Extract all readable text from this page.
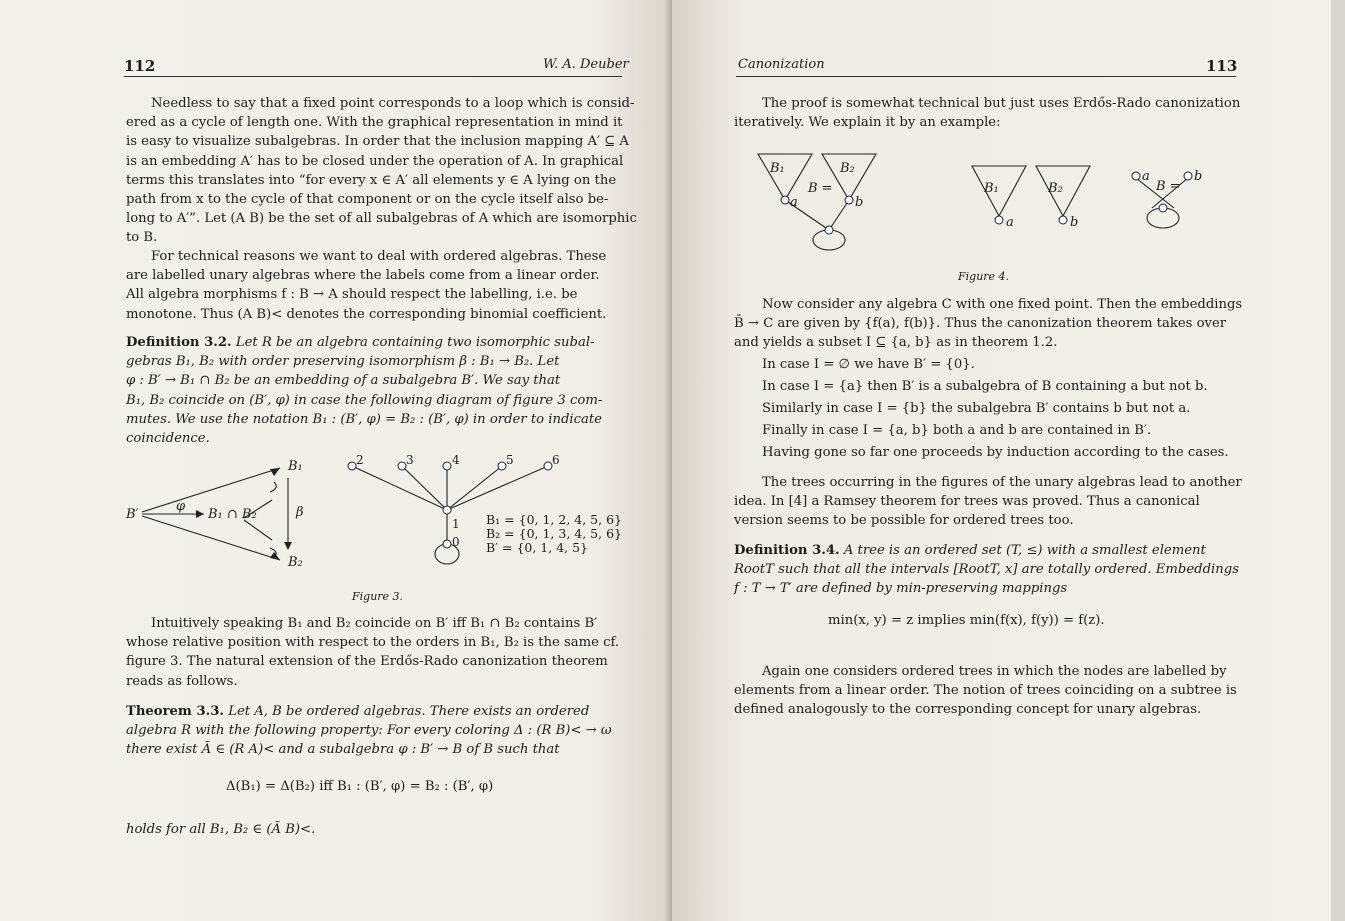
112	W. A. Deuber
Needless to say that a fixed point corresponds to a loop which is consid-
ered as a cycle of length one. With the graphical representation in mind it
is easy to visualize subalgebras. In order that the inclusion mapping A′ ⊆ A
is an embedding A′ has to be closed under the operation of A. In graphical
terms this translates into “for every x ∈ A′ all elements y ∈ A lying on the
path from x to the cycle of that component or on the cycle itself also be-
long to A′”. Let (A B) be the set of all subalgebras of A which are isomorphic
to B.
For technical reasons we want to deal with ordered algebras. These
are labelled unary algebras where the labels come from a linear order.
All algebra morphisms f : B → A should respect the labelling, i.e. be
monotone. Thus (A B)< denotes the corresponding binomial coefficient.
Definition 3.2. Let R be an algebra containing two isomorphic subal-
gebras B₁, B₂ with order preserving isomorphism β : B₁ → B₂. Let
φ : B′ → B₁ ∩ B₂ be an embedding of a subalgebra B′. We say that
B₁, B₂ coincide on (B′, φ) in case the following diagram of figure 3 com-
mutes. We use the notation B₁ : (B′, φ) = B₂ : (B′, φ) in order to indicate
coincidence.
B₁
B′
φ
B₁ ∩ B₂	β
B₂
2	3	4	5	6
1
0
B₁ = {0, 1, 2, 4, 5, 6}
B₂ = {0, 1, 3, 4, 5, 6}
B′ = {0, 1, 4, 5}
Figure 3.
Intuitively speaking B₁ and B₂ coincide on B′ iff B₁ ∩ B₂ contains B′
whose relative position with respect to the orders in B₁, B₂ is the same cf.
figure 3. The natural extension of the Erdős-Rado canonization theorem
reads as follows.
Theorem 3.3. Let A, B be ordered algebras. There exists an ordered
algebra R with the following property: For every coloring Δ : (R B)< → ω
there exist Ã ∈ (R A)< and a subalgebra φ : B′ → B of B such that
Δ(B₁) = Δ(B₂) iff B₁ : (B′, φ) = B₂ : (B′, φ)
holds for all B₁, B₂ ∈ (Ã B)<.
Canonization	113
The proof is somewhat technical but just uses Erdős-Rado canonization
iteratively. We explain it by an example:
B₁	B₂
B =
a	b
B₁	B₂
a	b
a
B =
b
Figure 4.
Now consider any algebra C with one fixed point. Then the embeddings
B̄ → C are given by {f(a), f(b)}. Thus the canonization theorem takes over
and yields a subset I ⊆ {a, b} as in theorem 1.2.
In case I = ∅ we have B′ = {0}.
In case I = {a} then B′ is a subalgebra of B containing a but not b.
Similarly in case I = {b} the subalgebra B′ contains b but not a.
Finally in case I = {a, b} both a and b are contained in B′.
Having gone so far one proceeds by induction according to the cases.
The trees occurring in the figures of the unary algebras lead to another
idea. In [4] a Ramsey theorem for trees was proved. Thus a canonical
version seems to be possible for ordered trees too.
Definition 3.4. A tree is an ordered set (T, ≤) with a smallest element
RootT such that all the intervals [RootT, x] are totally ordered. Embeddings
f : T → T′ are defined by min-preserving mappings
min(x, y) = z implies min(f(x), f(y)) = f(z).
Again one considers ordered trees in which the nodes are labelled by
elements from a linear order. The notion of trees coinciding on a subtree is
defined analogously to the corresponding concept for unary algebras.
